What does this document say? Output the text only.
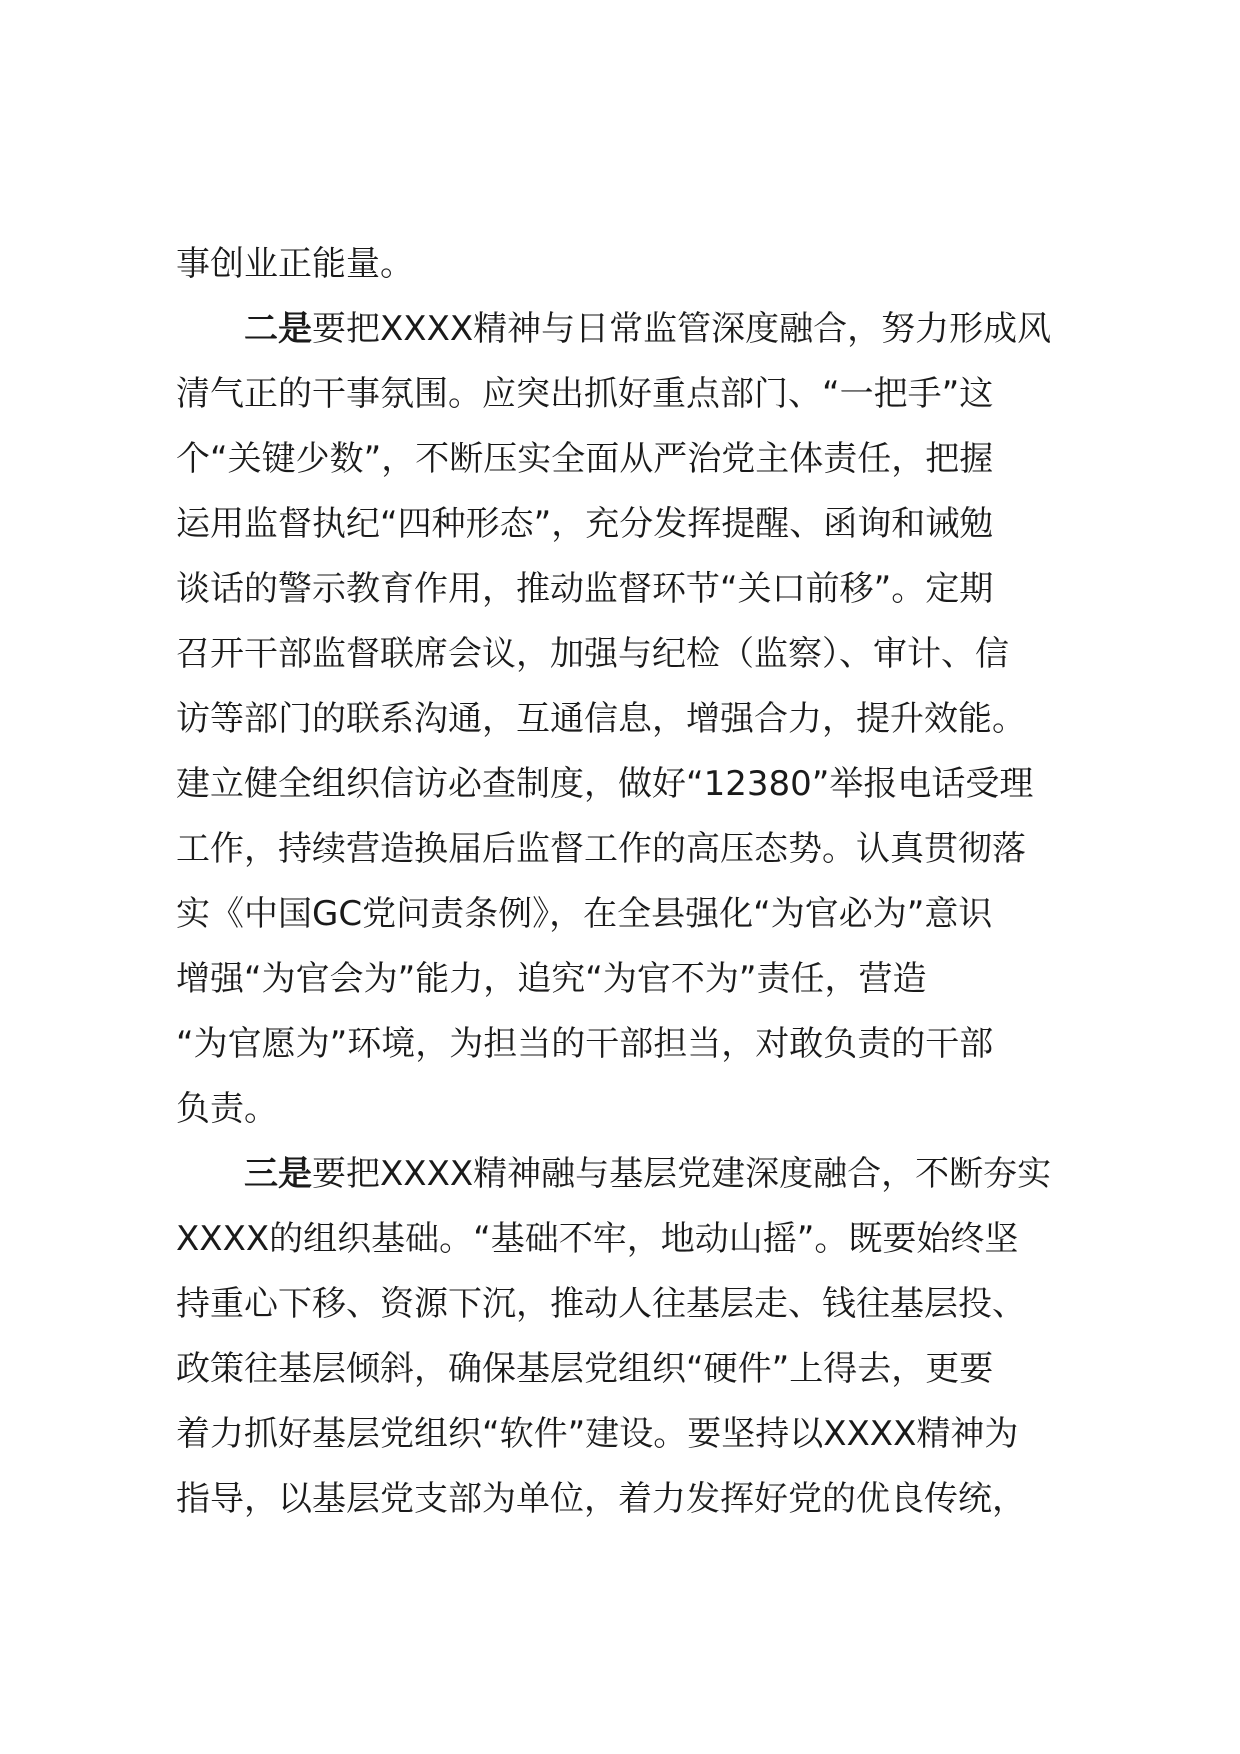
事创业正能量。
二是要把XXXX精神与日常监管深度融合，努力形成风
清气正的干事氛围。应突出抓好重点部门、“一把手”这
个“关键少数”，不断压实全面从严治党主体责任，把握
运用监督执纪“四种形态”，充分发挥提醒、函询和诫勉
谈话的警示教育作用，推动监督环节“关口前移”。定期
召开干部监督联席会议，加强与纪检（监察）、审计、信
访等部门的联系沟通，互通信息，增强合力，提升效能。
建立健全组织信访必查制度，做好“12380”举报电话受理
工作，持续营造换届后监督工作的高压态势。认真贯彻落
实《中国GC党问责条例》，在全县强化“为官必为”意识
增强“为官会为”能力，追究“为官不为”责任，营造
“为官愿为”环境，为担当的干部担当，对敢负责的干部
负责。
三是要把XXXX精神融与基层党建深度融合，不断夯实
XXXX的组织基础。“基础不牢，地动山摇”。既要始终坚
持重心下移、资源下沉，推动人往基层走、钱往基层投、
政策往基层倾斜，确保基层党组织“硬件”上得去，更要
着力抓好基层党组织“软件”建设。要坚持以XXXX精神为
指导，以基层党支部为单位，着力发挥好党的优良传统，
